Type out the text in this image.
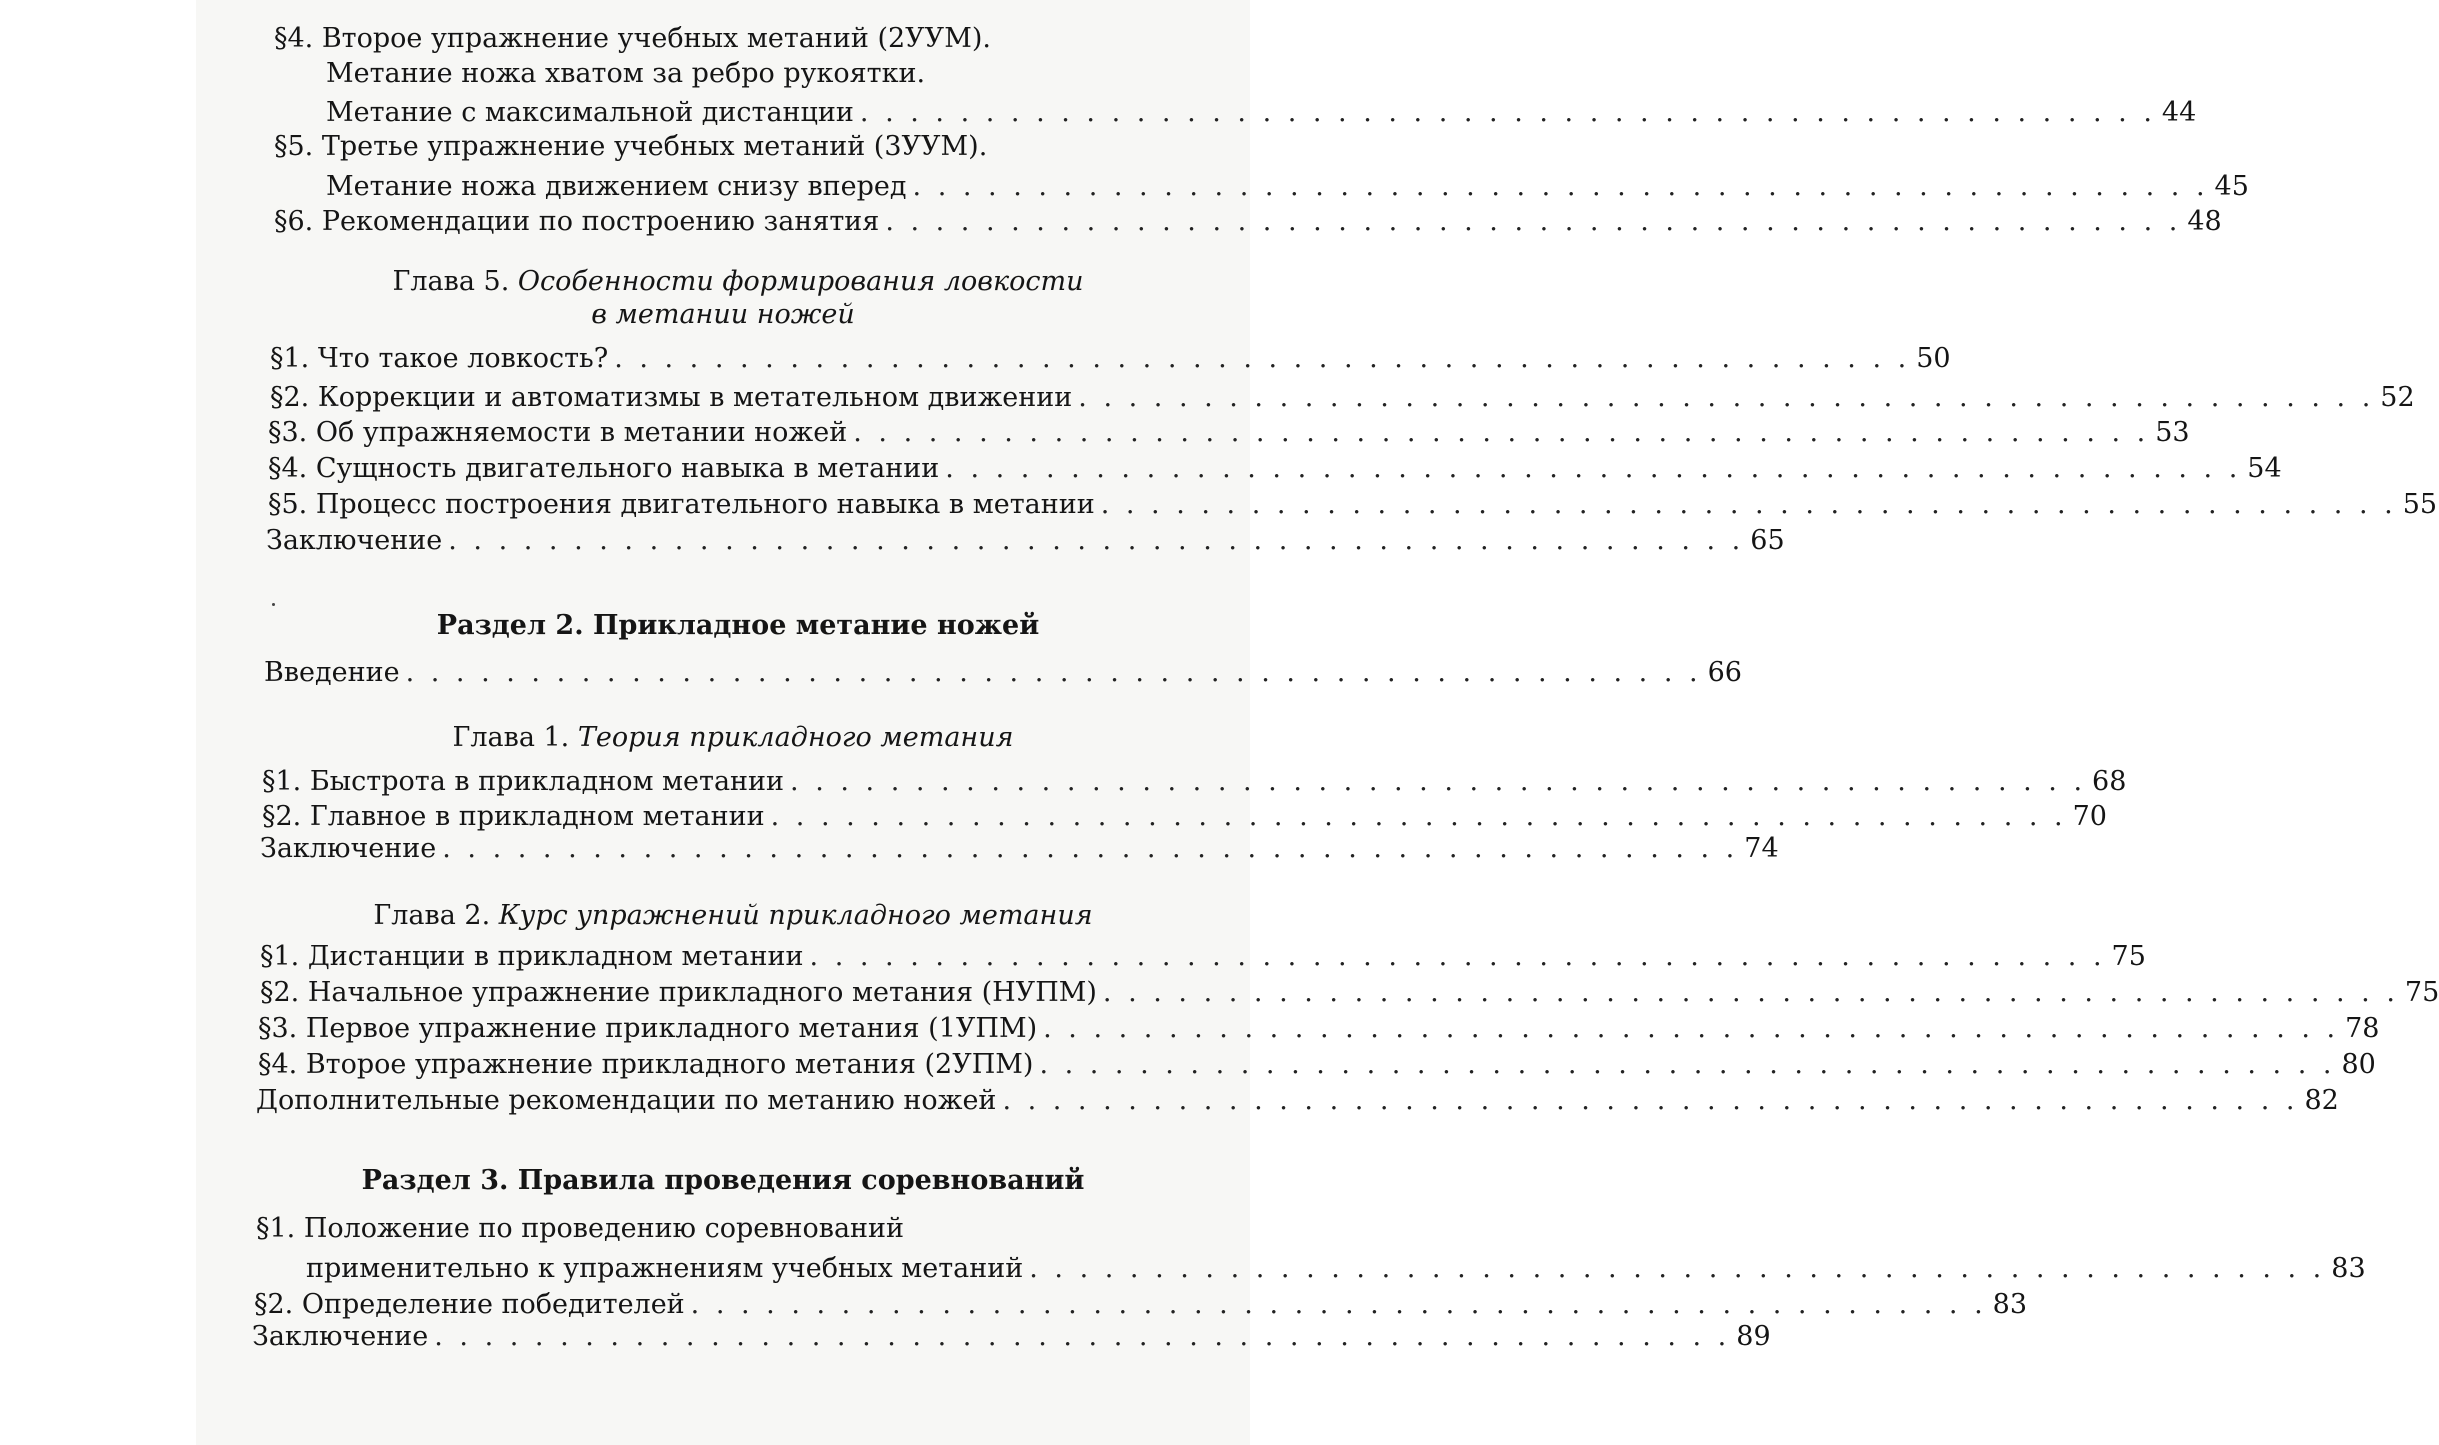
§4. Второе упражнение учебных метаний (2УУМ).
Метание ножа хватом за ребро рукоятки.
Метание с максимальной дистанции . . . . . . . . . . . . . . . . . . . . . . . . . . . . . . . . . . . . . . . . . . . . . . . . . . . . 44
§5. Третье упражнение учебных метаний (3УУМ).
Метание ножа движением снизу вперед . . . . . . . . . . . . . . . . . . . . . . . . . . . . . . . . . . . . . . . . . . . . . . . . . . . . 45
§6. Рекомендации по построению занятия . . . . . . . . . . . . . . . . . . . . . . . . . . . . . . . . . . . . . . . . . . . . . . . . . . . . 48
Глава 5. Особенности формирования ловкости
в метании ножей
§1. Что такое ловкость? . . . . . . . . . . . . . . . . . . . . . . . . . . . . . . . . . . . . . . . . . . . . . . . . . . . . 50
§2. Коррекции и автоматизмы в метательном движении . . . . . . . . . . . . . . . . . . . . . . . . . . . . . . . . . . . . . . . . . . . . . . . . . . . . 52
§3. Об упражняемости в метании ножей . . . . . . . . . . . . . . . . . . . . . . . . . . . . . . . . . . . . . . . . . . . . . . . . . . . . 53
§4. Сущность двигательного навыка в метании . . . . . . . . . . . . . . . . . . . . . . . . . . . . . . . . . . . . . . . . . . . . . . . . . . . . 54
§5. Процесс построения двигательного навыка в метании . . . . . . . . . . . . . . . . . . . . . . . . . . . . . . . . . . . . . . . . . . . . . . . . . . . . 55
Заключение . . . . . . . . . . . . . . . . . . . . . . . . . . . . . . . . . . . . . . . . . . . . . . . . . . . . 65
Раздел 2. Прикладное метание ножей
Введение . . . . . . . . . . . . . . . . . . . . . . . . . . . . . . . . . . . . . . . . . . . . . . . . . . . . 66
Глава 1. Теория прикладного метания
§1. Быстрота в прикладном метании . . . . . . . . . . . . . . . . . . . . . . . . . . . . . . . . . . . . . . . . . . . . . . . . . . . . 68
§2. Главное в прикладном метании . . . . . . . . . . . . . . . . . . . . . . . . . . . . . . . . . . . . . . . . . . . . . . . . . . . . 70
Заключение . . . . . . . . . . . . . . . . . . . . . . . . . . . . . . . . . . . . . . . . . . . . . . . . . . . . 74
Глава 2. Курс упражнений прикладного метания
§1. Дистанции в прикладном метании . . . . . . . . . . . . . . . . . . . . . . . . . . . . . . . . . . . . . . . . . . . . . . . . . . . . 75
§2. Начальное упражнение прикладного метания (НУПМ) . . . . . . . . . . . . . . . . . . . . . . . . . . . . . . . . . . . . . . . . . . . . . . . . . . . . 75
§3. Первое упражнение прикладного метания (1УПМ) . . . . . . . . . . . . . . . . . . . . . . . . . . . . . . . . . . . . . . . . . . . . . . . . . . . . 78
§4. Второе упражнение прикладного метания (2УПМ) . . . . . . . . . . . . . . . . . . . . . . . . . . . . . . . . . . . . . . . . . . . . . . . . . . . . 80
Дополнительные рекомендации по метанию ножей . . . . . . . . . . . . . . . . . . . . . . . . . . . . . . . . . . . . . . . . . . . . . . . . . . . . 82
Раздел 3. Правила проведения соревнований
§1. Положение по проведению соревнований
применительно к упражнениям учебных метаний . . . . . . . . . . . . . . . . . . . . . . . . . . . . . . . . . . . . . . . . . . . . . . . . . . . . 83
§2. Определение победителей . . . . . . . . . . . . . . . . . . . . . . . . . . . . . . . . . . . . . . . . . . . . . . . . . . . . 83
Заключение . . . . . . . . . . . . . . . . . . . . . . . . . . . . . . . . . . . . . . . . . . . . . . . . . . . . 89
